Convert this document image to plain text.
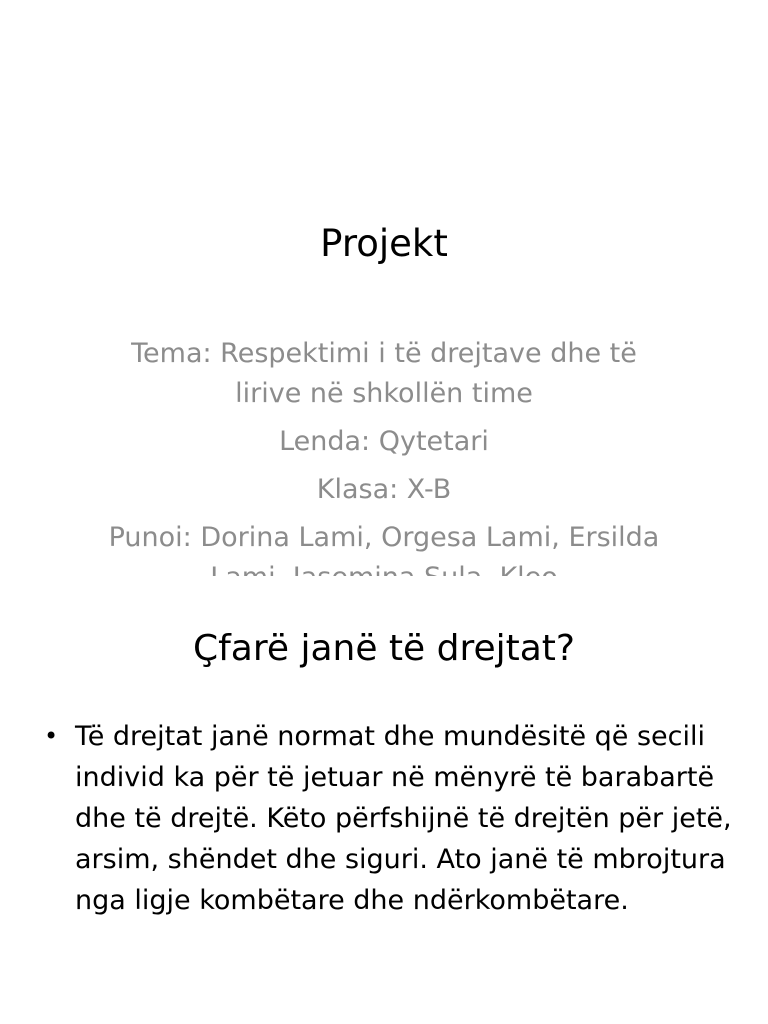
Projekt

Tema: Respektimi i të drejtave dhe të lirive në shkollën time

Lenda: Qytetari

Klasa: X-B

Punoi: Dorina Lami, Orgesa Lami, Ersilda

Çfarë janë të drejtat?
• Të drejtat janë normat dhe mundësitë që secili individ ka për të jetuar në mënyrë të barabartë dhe të drejtë. Këto përfshijnë të drejtën për jetë, arsim, shëndet dhe siguri. Ato janë të mbrojtura nga ligje kombëtare dhe ndërkombëtare.
